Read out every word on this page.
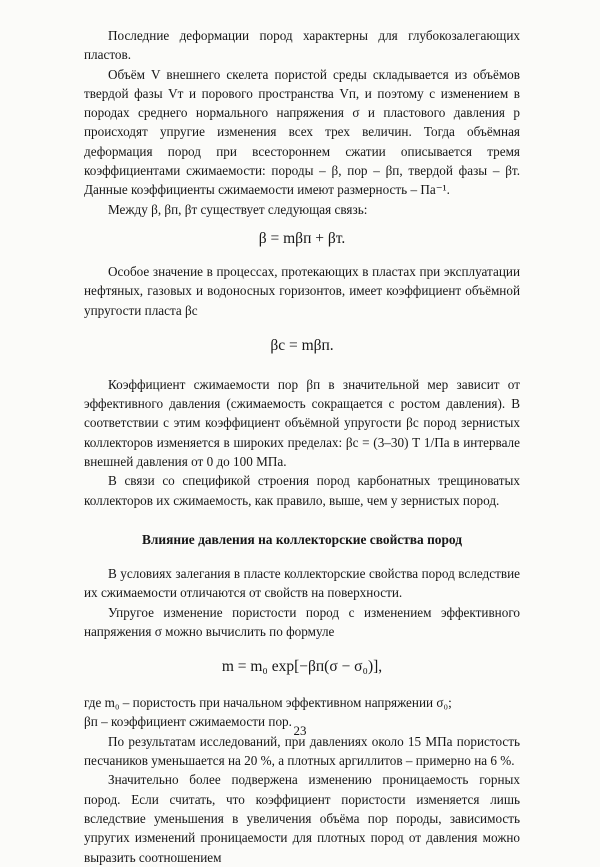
Последние деформации пород характерны для глубокозалегающих пластов.

Объём V внешнего скелета пористой среды складывается из объёмов твердой фазы Vт и порового пространства Vп, и поэтому с изменением в породах среднего нормального напряжения σ и пластового давления p происходят упругие изменения всех трех величин. Тогда объёмная деформация пород при всестороннем сжатии описывается тремя коэффициентами сжимаемости: породы – β, пор – βп, твердой фазы – βт. Данные коэффициенты сжимаемости имеют размерность – Па⁻¹.

Между β, βп, βт существует следующая связь:

β = mβп + βт.

Особое значение в процессах, протекающих в пластах при эксплуатации нефтяных, газовых и водоносных горизонтов, имеет коэффициент объёмной упругости пласта βс

βс = mβп.

Коэффициент сжимаемости пор βп в значительной мер зависит от эффективного давления (сжимаемость сокращается с ростом давления). В соответствии с этим коэффициент объёмной упругости βс пород зернистых коллекторов изменяется в широких пределах: βс = (3–30) Т 1/Па в интервале внешней давления от 0 до 100 МПа.

В связи со спецификой строения пород карбонатных трещиноватых коллекторов их сжимаемость, как правило, выше, чем у зернистых пород.

Влияние давления на коллекторские свойства пород

В условиях залегания в пласте коллекторские свойства пород вследствие их сжимаемости отличаются от свойств на поверхности.

Упругое изменение пористости пород с изменением эффективного напряжения σ можно вычислить по формуле

m = m₀ exp[−βп(σ − σ₀)],

где m₀ – пористость при начальном эффективном напряжении σ₀;

βп – коэффициент сжимаемости пор.

По результатам исследований, при давлениях около 15 МПа пористость песчаников уменьшается на 20 %, а плотных аргиллитов – примерно на 6 %.

Значительно более подвержена изменению проницаемость горных пород. Если считать, что коэффициент пористости изменяется лишь вследствие уменьшения в увеличения объёма пор породы, зависимость упругих изменений проницаемости для плотных пород от давления можно выразить соотношением

23
